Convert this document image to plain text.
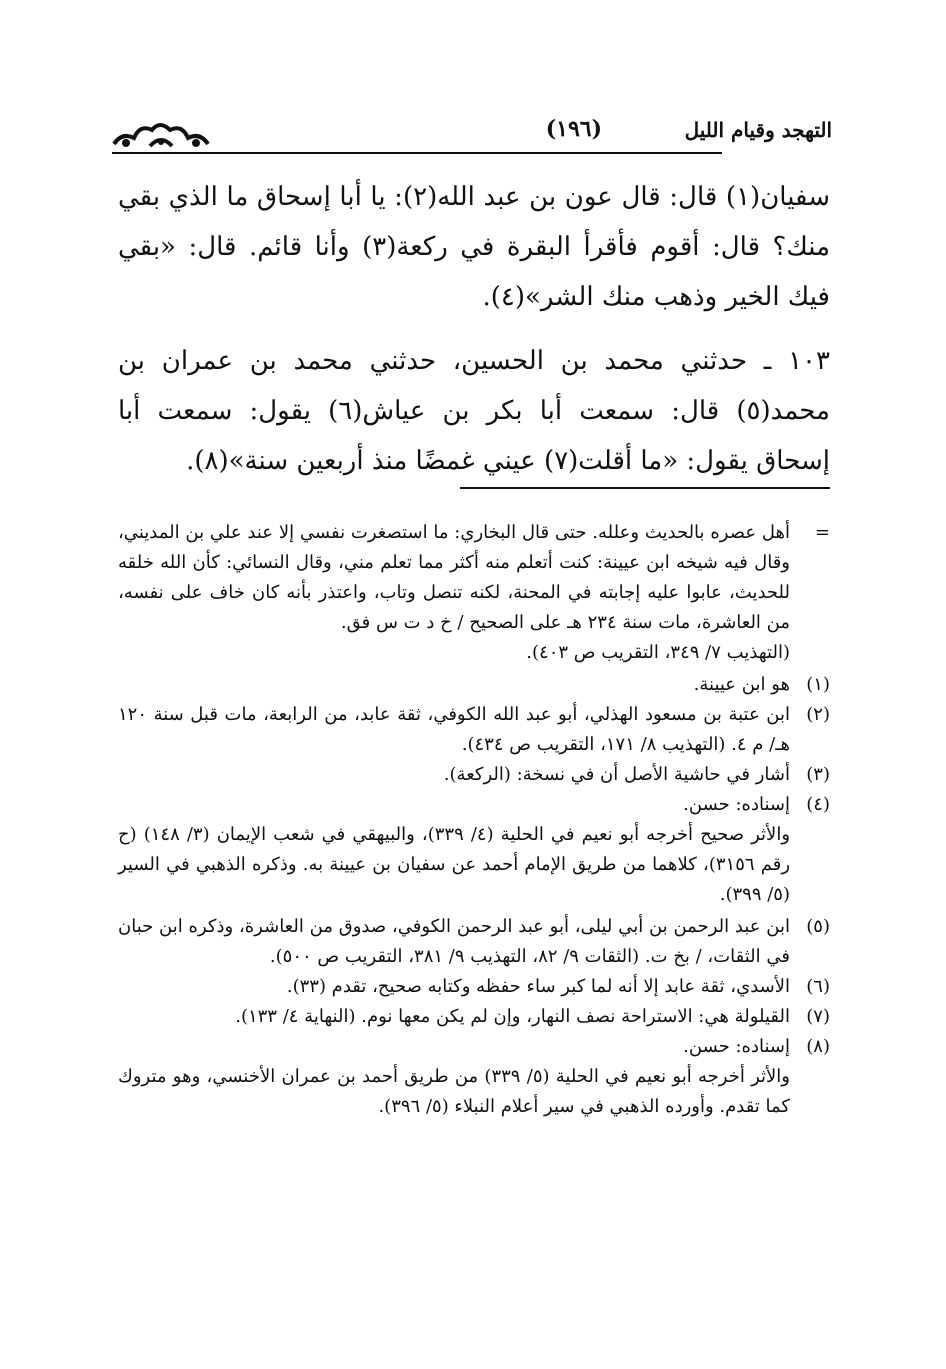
التهجد وقيام الليل
(١٩٦)

سفيان(١) قال: قال عون بن عبد الله(٢): يا أبا إسحاق ما الذي بقي منك؟ قال: أقوم فأقرأ البقرة في ركعة(٣) وأنا قائم. قال: «بقي فيك الخير وذهب منك الشر»(٤).

١٠٣ ـ حدثني محمد بن الحسين، حدثني محمد بن عمران بن محمد(٥) قال: سمعت أبا بكر بن عياش(٦) يقول: سمعت أبا إسحاق يقول: «ما أقلت(٧) عيني غمضًا منذ أربعين سنة»(٨).

=
أهل عصره بالحديث وعلله. حتى قال البخاري: ما استصغرت نفسي إلا عند علي بن المديني، وقال فيه شيخه ابن عيينة: كنت أتعلم منه أكثر مما تعلم مني، وقال النسائي: كأن الله خلقه للحديث، عابوا عليه إجابته في المحنة، لكنه تنصل وتاب، واعتذر بأنه كان خاف على نفسه، من العاشرة، مات سنة ٢٣٤ هـ على الصحيح / خ د ت س فق.
(التهذيب ٧/ ٣٤٩، التقريب ص ٤٠٣).
(١)
هو ابن عيينة.
(٢)
ابن عتبة بن مسعود الهذلي، أبو عبد الله الكوفي، ثقة عابد، من الرابعة، مات قبل سنة ١٢٠ هـ/ م ٤. (التهذيب ٨/ ١٧١، التقريب ص ٤٣٤).
(٣)
أشار في حاشية الأصل أن في نسخة: (الركعة).
(٤)
إسناده: حسن.
والأثر صحيح أخرجه أبو نعيم في الحلية (٤/ ٣٣٩)، والبيهقي في شعب الإيمان (٣/ ١٤٨) (ح رقم ٣١٥٦)، كلاهما من طريق الإمام أحمد عن سفيان بن عيينة به. وذكره الذهبي في السير (٥/ ٣٩٩).
(٥)
ابن عبد الرحمن بن أبي ليلى، أبو عبد الرحمن الكوفي، صدوق من العاشرة، وذكره ابن حبان في الثقات، / بخ ت. (الثقات ٩/ ٨٢، التهذيب ٩/ ٣٨١، التقريب ص ٥٠٠).
(٦)
الأسدي، ثقة عابد إلا أنه لما كبر ساء حفظه وكتابه صحيح، تقدم (٣٣).
(٧)
القيلولة هي: الاستراحة نصف النهار، وإن لم يكن معها نوم. (النهاية ٤/ ١٣٣).
(٨)
إسناده: حسن.
والأثر أخرجه أبو نعيم في الحلية (٥/ ٣٣٩) من طريق أحمد بن عمران الأخنسي، وهو متروك كما تقدم. وأورده الذهبي في سير أعلام النبلاء (٥/ ٣٩٦).
